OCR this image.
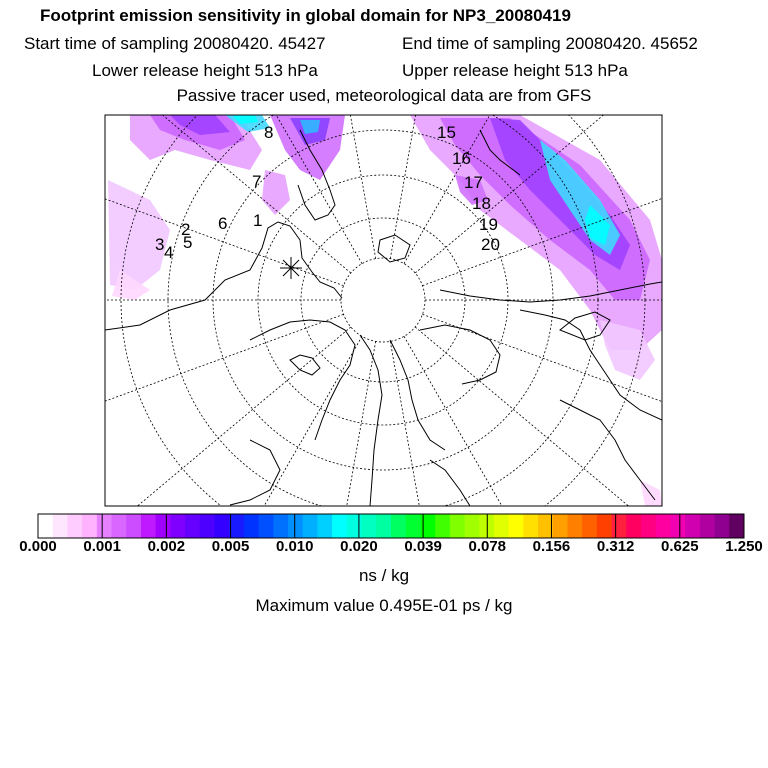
Footprint emission sensitivity in global domain for NP3_20080419
Start time of sampling 20080420. 45427	End time of sampling 20080420. 45652
Lower release height 513 hPa	Upper release height 513 hPa
Passive tracer used, meteorological data are from GFS
8
7
1
6
2
3 4
5
15
16
17
18
19
20
0.000 0.001 0.002 0.005 0.010 0.020 0.039 0.078 0.156 0.312 0.625 1.250
ns / kg
Maximum value 0.495E-01 ps / kg
